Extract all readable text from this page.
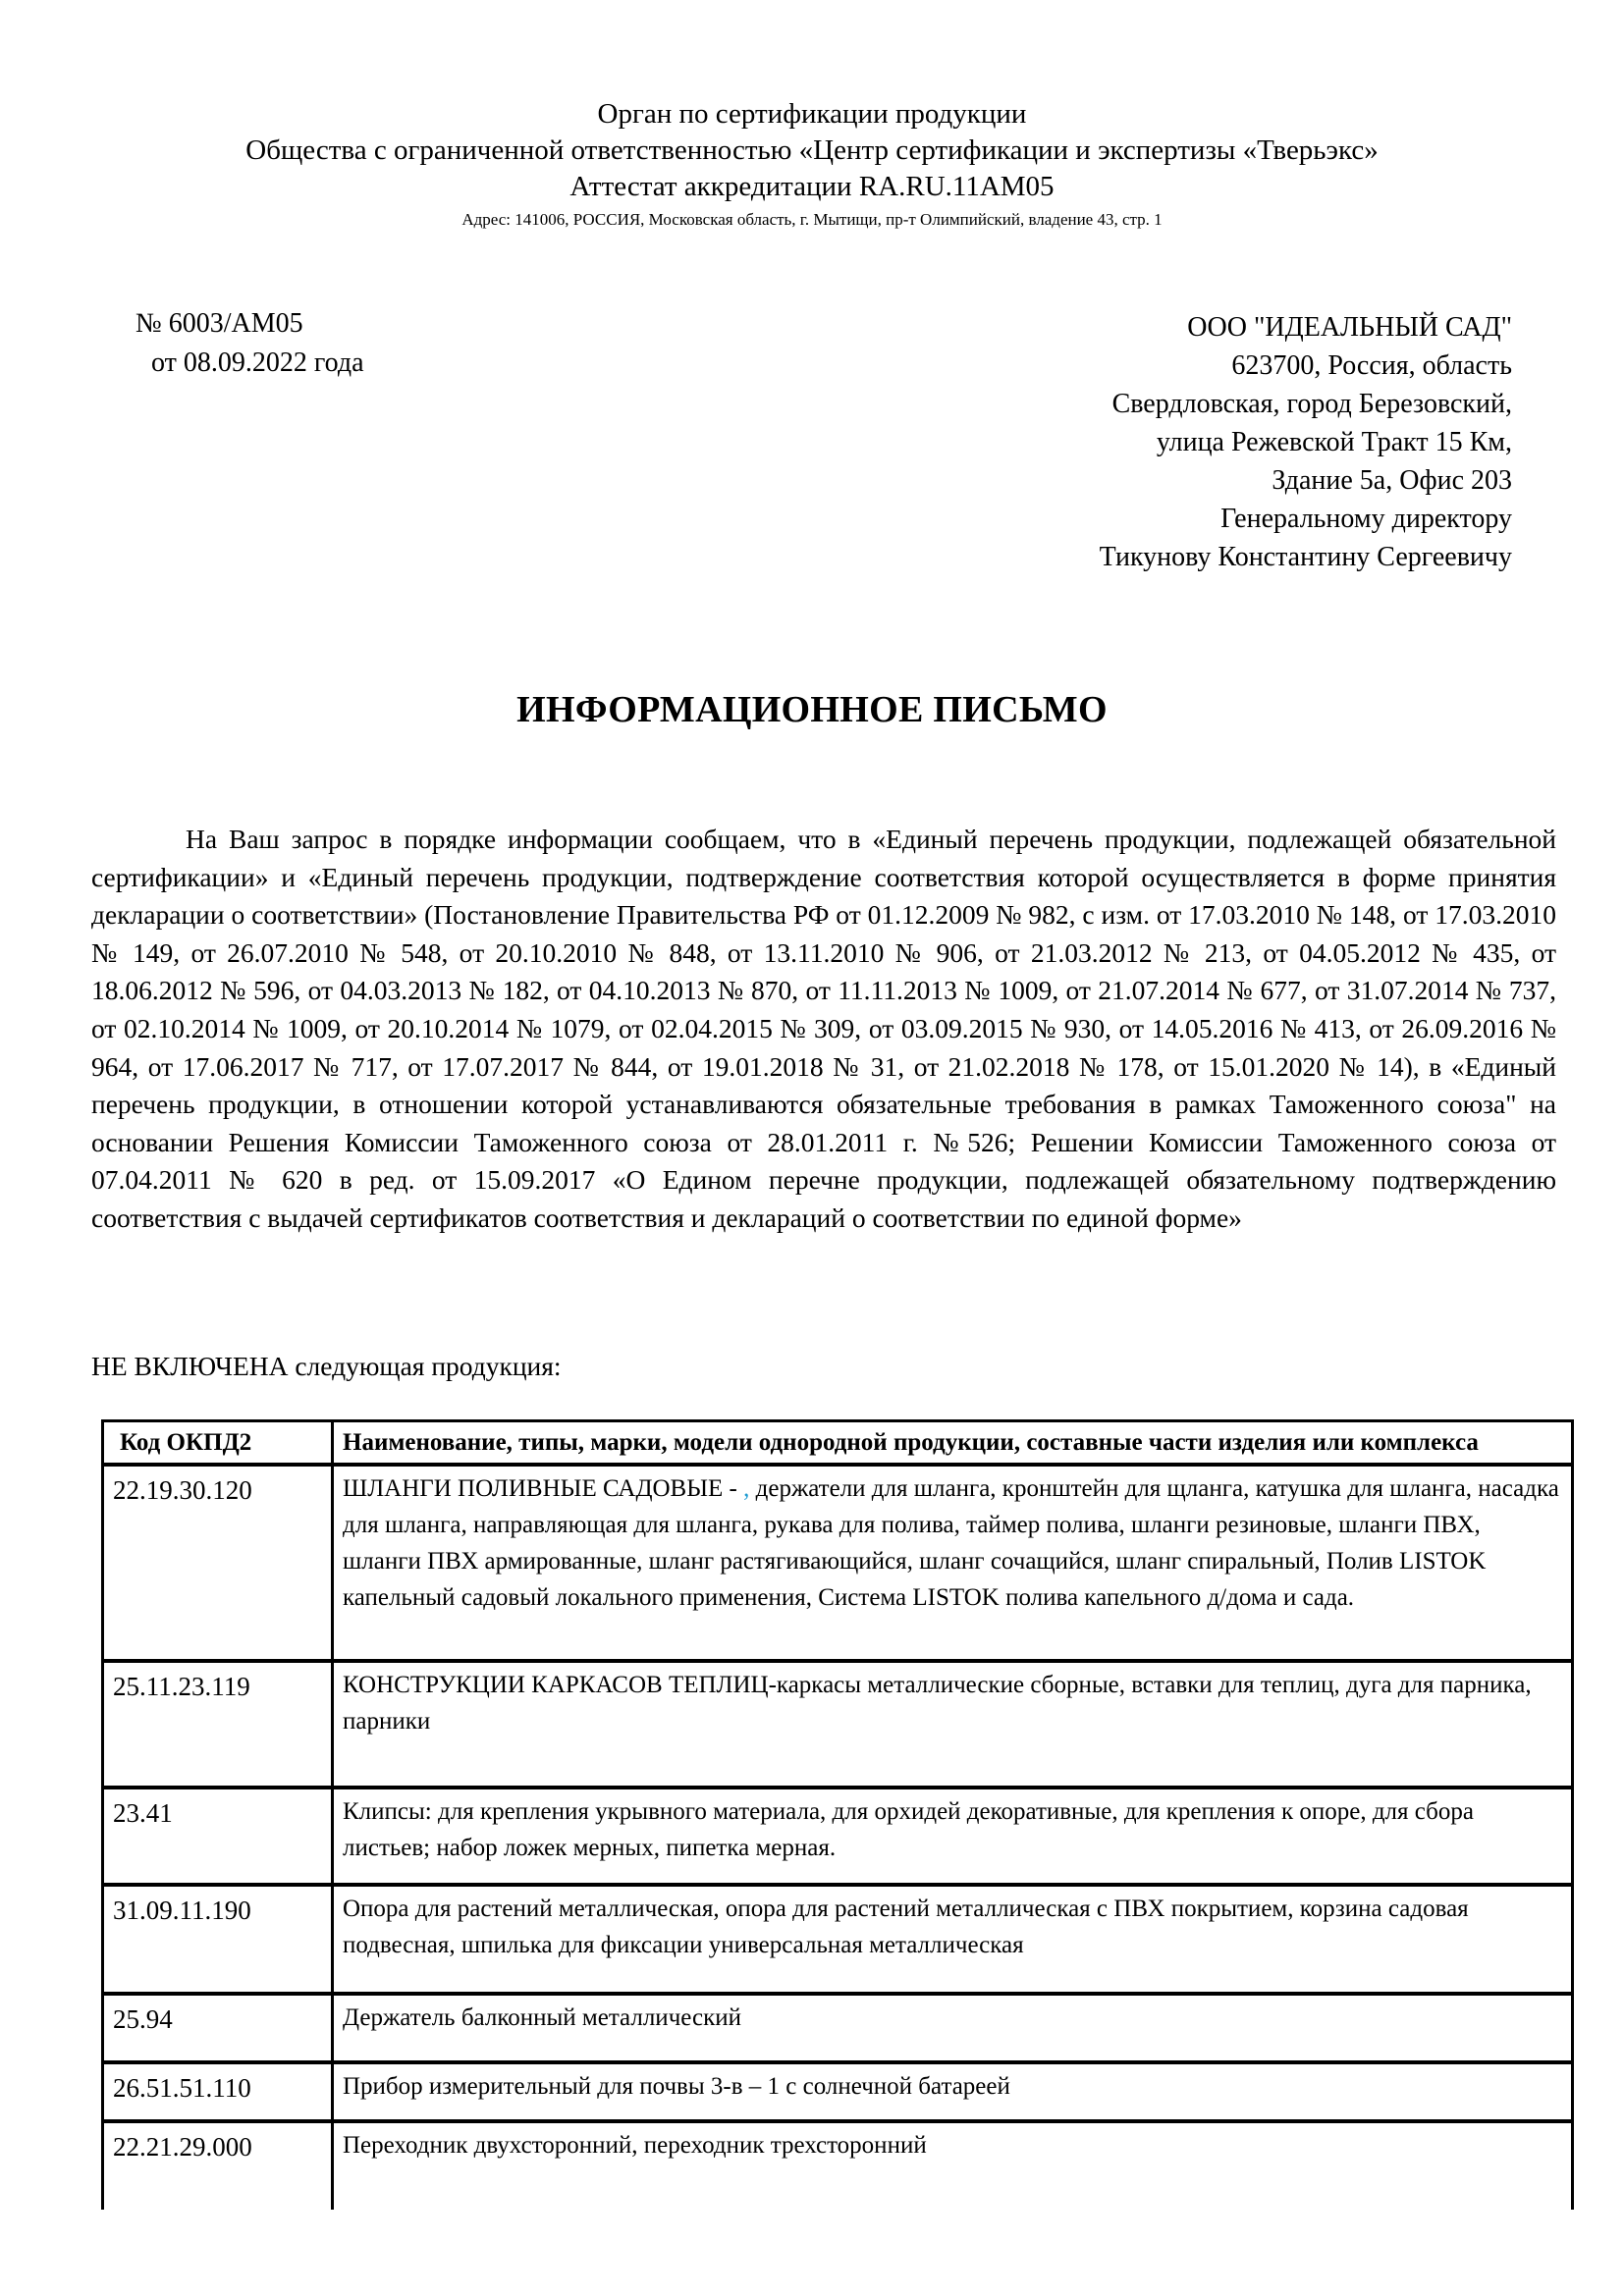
Орган по сертификации продукции
Общества с ограниченной ответственностью «Центр сертификации и экспертизы «Тверьэкс»
Аттестат аккредитации RA.RU.11АМ05
Адрес: 141006, РОССИЯ, Московская область, г. Мытищи, пр-т Олимпийский, владение 43, стр. 1
№ 6003/АМ05
от 08.09.2022 года
ООО "ИДЕАЛЬНЫЙ САД"
623700, Россия, область
Свердловская, город Березовский,
улица Режевской Тракт 15 Км,
Здание 5а, Офис 203
Генеральному директору
Тикунову Константину Сергеевичу
ИНФОРМАЦИОННОЕ ПИСЬМО
На Ваш запрос в порядке информации сообщаем, что в «Единый перечень продукции, подлежащей обязательной сертификации» и «Единый перечень продукции, подтверждение соответствия которой осуществляется в форме принятия декларации о соответствии» (Постановление Правительства РФ от 01.12.2009 № 982, с изм. от 17.03.2010 № 148, от 17.03.2010 № 149, от 26.07.2010 № 548, от 20.10.2010 № 848, от 13.11.2010 № 906, от 21.03.2012 № 213, от 04.05.2012 № 435, от 18.06.2012 № 596, от 04.03.2013 № 182, от 04.10.2013 № 870, от 11.11.2013 № 1009, от 21.07.2014 № 677, от 31.07.2014 № 737, от 02.10.2014 № 1009, от 20.10.2014 № 1079, от 02.04.2015 № 309, от 03.09.2015 № 930, от 14.05.2016 № 413, от 26.09.2016 № 964, от 17.06.2017 № 717, от 17.07.2017 № 844, от 19.01.2018 № 31, от 21.02.2018 № 178, от 15.01.2020 № 14), в «Единый перечень продукции, в отношении которой устанавливаются обязательные требования в рамках Таможенного союза" на основании Решения Комиссии Таможенного союза от 28.01.2011 г. №526; Решении Комиссии Таможенного союза от 07.04.2011 № 620 в ред. от 15.09.2017 «О Едином перечне продукции, подлежащей обязательному подтверждению соответствия с выдачей сертификатов соответствия и деклараций о соответствии по единой форме»
НЕ ВКЛЮЧЕНА следующая продукция:
Код ОКПД2	Наименование, типы, марки, модели однородной продукции, составные части изделия или комплекса
22.19.30.120	ШЛАНГИ ПОЛИВНЫЕ САДОВЫЕ - , держатели для шланга, кронштейн для щланга, катушка для шланга, насадка для шланга, направляющая для шланга, рукава для полива, таймер полива, шланги резиновые, шланги ПВХ, шланги ПВХ армированные, шланг растягивающийся, шланг сочащийся, шланг спиральный, Полив LISTOK капельный садовый локального применения, Система LISTOK полива капельного д/дома и сада.
25.11.23.119	КОНСТРУКЦИИ КАРКАСОВ ТЕПЛИЦ-каркасы металлические сборные, вставки для теплиц, дуга для парника, парники
23.41	Клипсы: для крепления укрывного материала, для орхидей декоративные, для крепления к опоре, для сбора листьев; набор ложек мерных, пипетка мерная.
31.09.11.190	Опора для растений металлическая, опора для растений металлическая с ПВХ покрытием, корзина садовая подвесная, шпилька для фиксации универсальная металлическая
25.94	Держатель балконный металлический
26.51.51.110	Прибор измерительный для почвы 3-в – 1 с солнечной батареей
22.21.29.000	Переходник двухсторонний, переходник трехсторонний
